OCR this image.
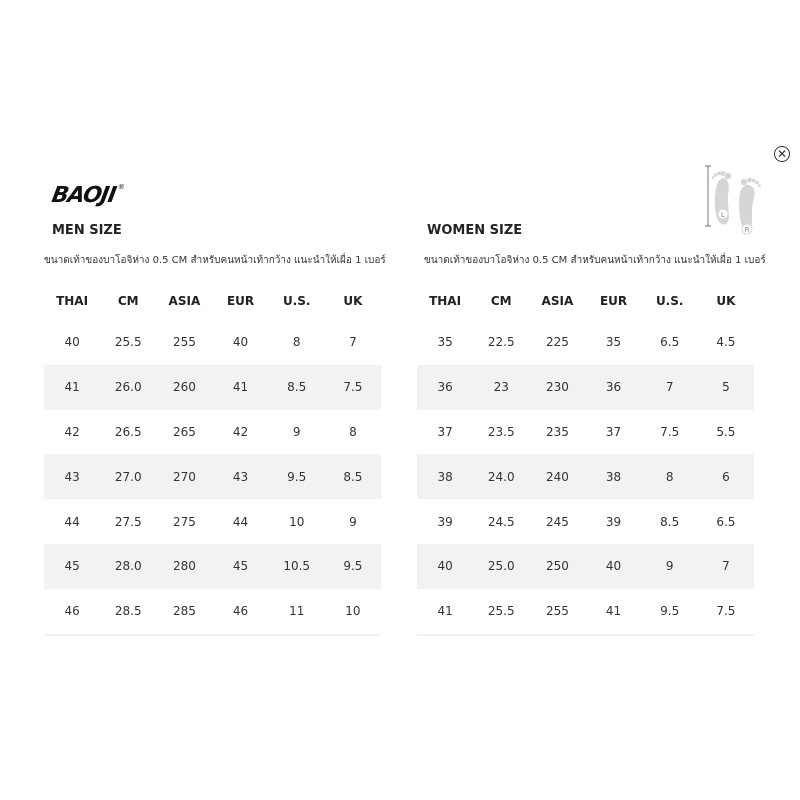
✕
BAOJI®
L
R
MEN SIZE
ขนาดเท้าของบาโอจิห่าง 0.5 CM สำหรับคนหน้าเท้ากว้าง แนะนำให้เผื่อ 1 เบอร์
THAI	CM	ASIA	EUR	U.S.	UK
40	25.5	255	40	8	7
41	26.0	260	41	8.5	7.5
42	26.5	265	42	9	8
43	27.0	270	43	9.5	8.5
44	27.5	275	44	10	9
45	28.0	280	45	10.5	9.5
46	28.5	285	46	11	10
WOMEN SIZE
ขนาดเท้าของบาโอจิห่าง 0.5 CM สำหรับคนหน้าเท้ากว้าง แนะนำให้เผื่อ 1 เบอร์
THAI	CM	ASIA	EUR	U.S.	UK
35	22.5	225	35	6.5	4.5
36	23	230	36	7	5
37	23.5	235	37	7.5	5.5
38	24.0	240	38	8	6
39	24.5	245	39	8.5	6.5
40	25.0	250	40	9	7
41	25.5	255	41	9.5	7.5
